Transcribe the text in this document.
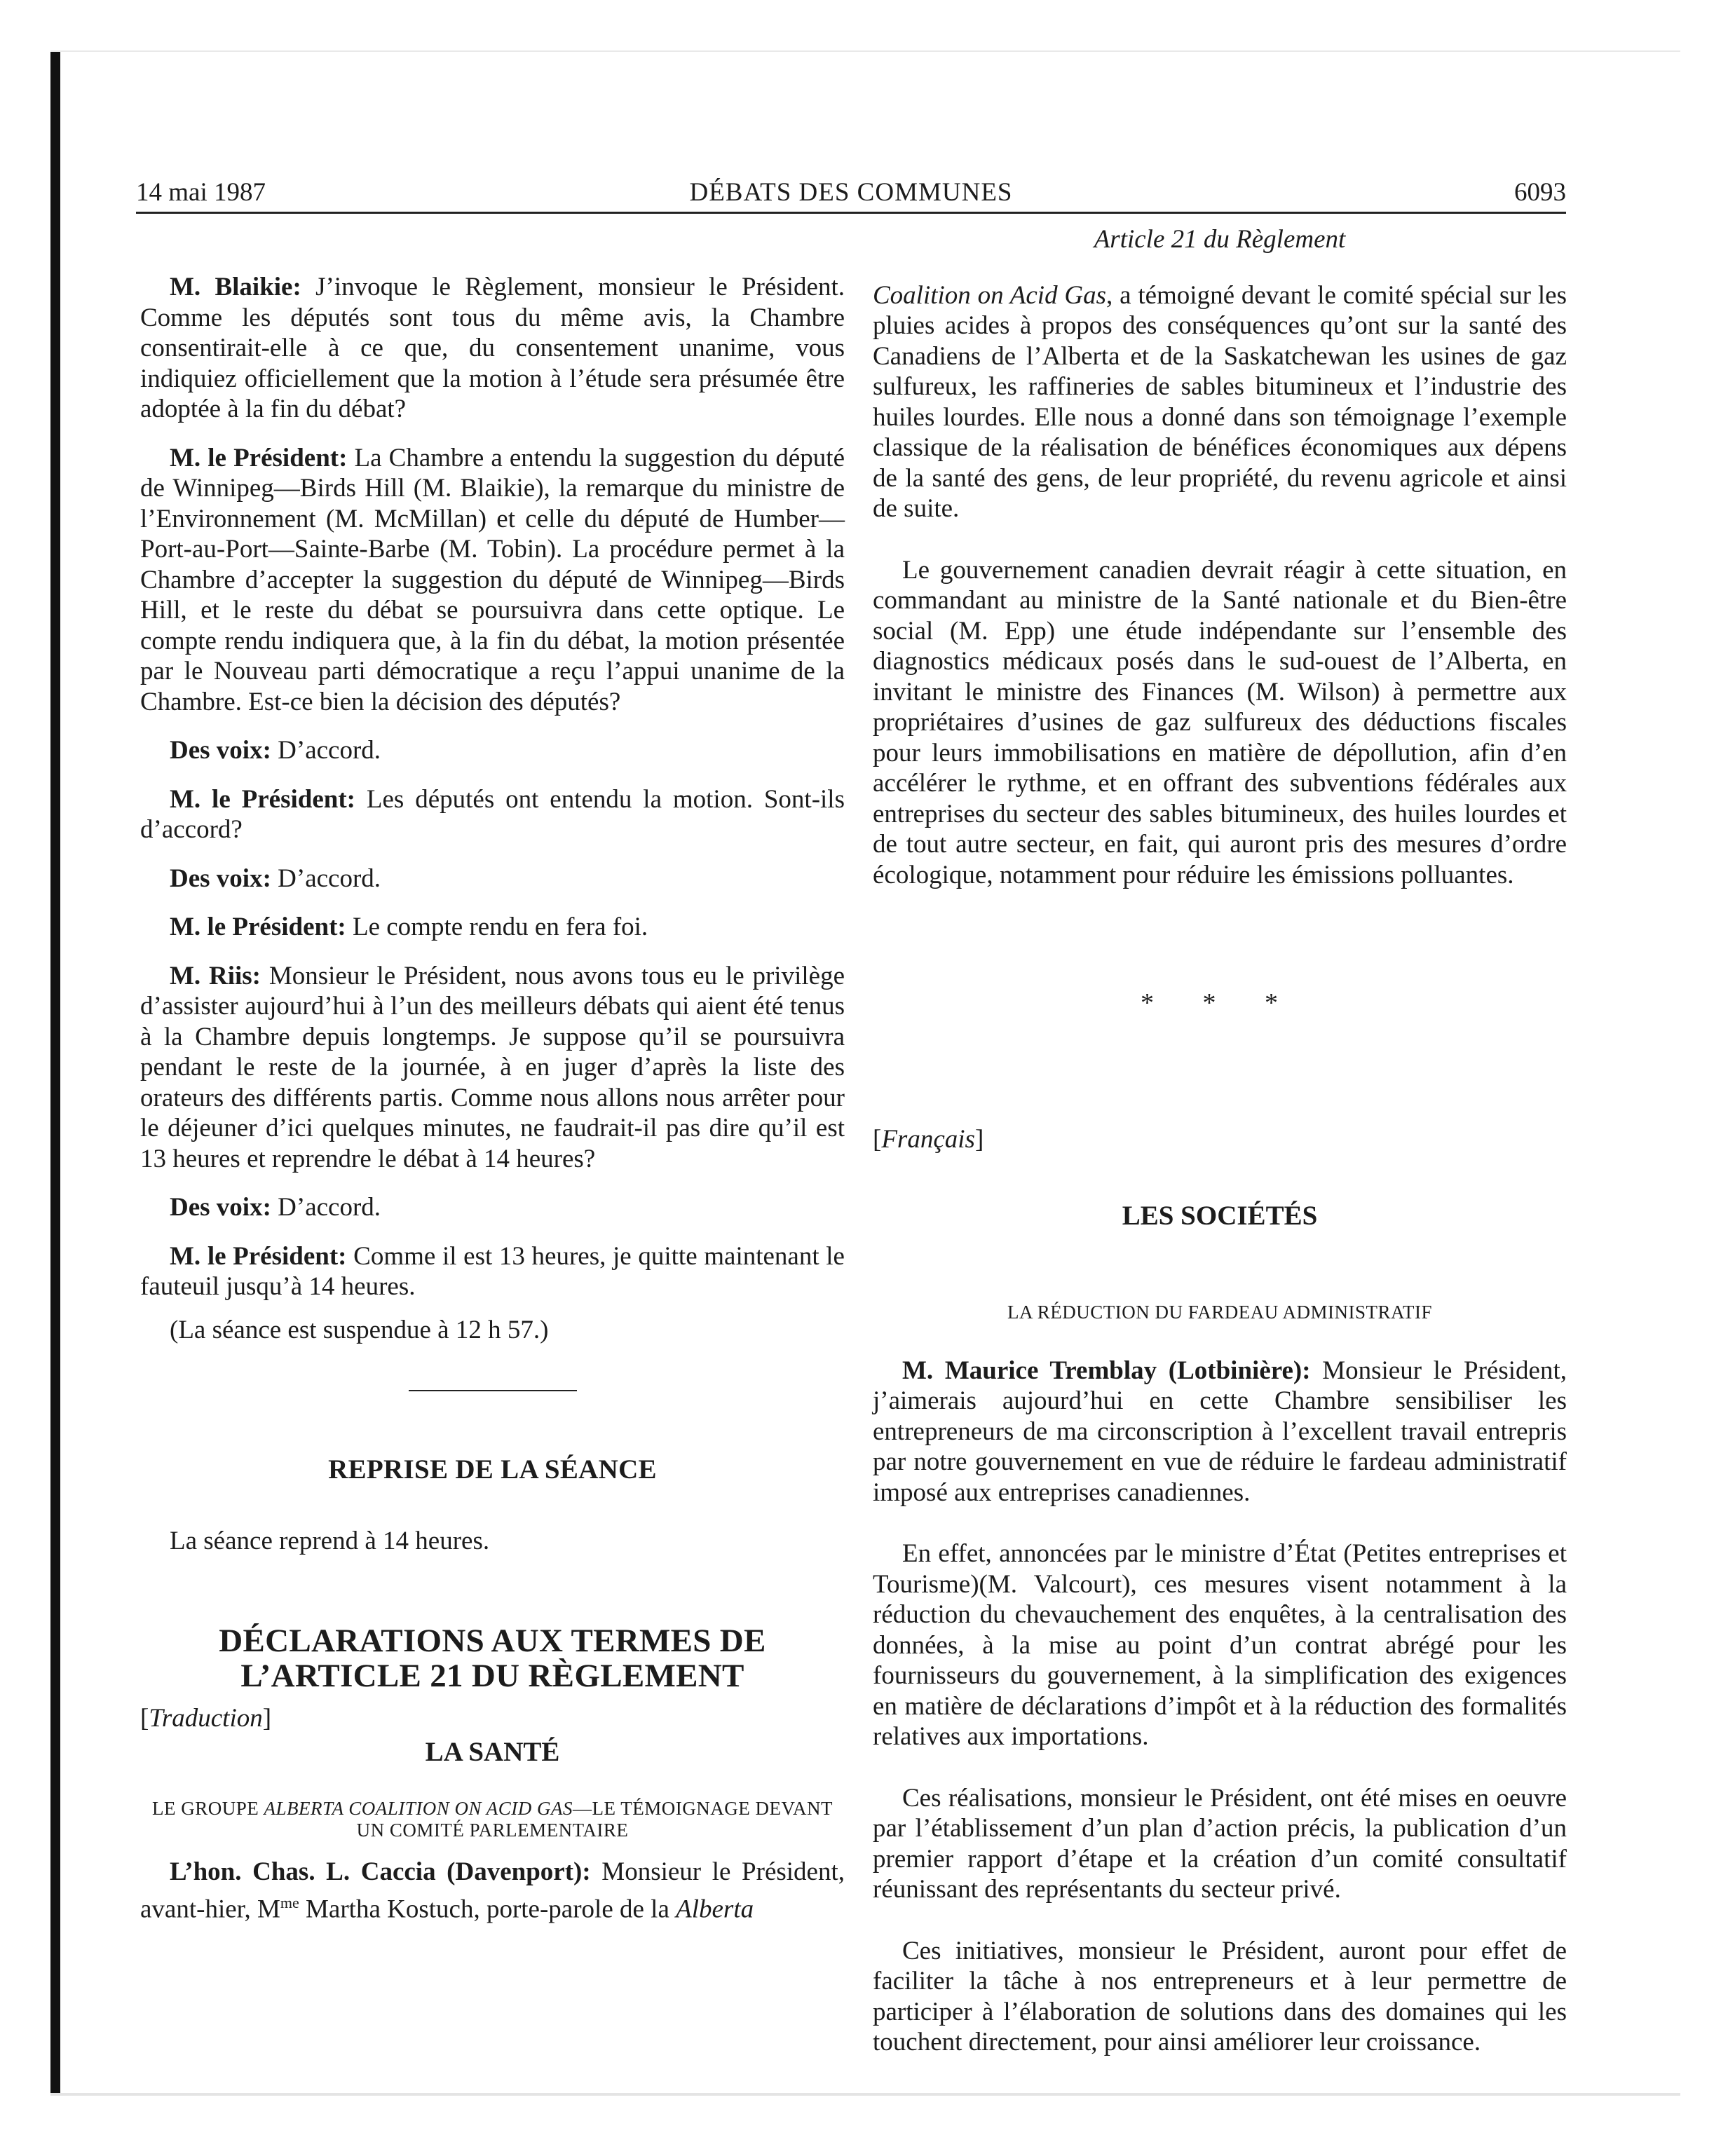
14 mai 1987	DÉBATS DES COMMUNES	6093

M. Blaikie: J’invoque le Règlement, monsieur le Président. Comme les députés sont tous du même avis, la Chambre consentirait-elle à ce que, du consentement unanime, vous indiquiez officiellement que la motion à l’étude sera présumée être adoptée à la fin du débat?

M. le Président: La Chambre a entendu la suggestion du député de Winnipeg—Birds Hill (M. Blaikie), la remarque du ministre de l’Environnement (M. McMillan) et celle du député de Humber—Port-au-Port—Sainte-Barbe (M. Tobin). La procédure permet à la Chambre d’accepter la suggestion du député de Winnipeg—Birds Hill, et le reste du débat se poursuivra dans cette optique. Le compte rendu indiquera que, à la fin du débat, la motion présentée par le Nouveau parti démocratique a reçu l’appui unanime de la Chambre. Est-ce bien la décision des députés?

Des voix: D’accord.

M. le Président: Les députés ont entendu la motion. Sont-ils d’accord?

Des voix: D’accord.

M. le Président: Le compte rendu en fera foi.

M. Riis: Monsieur le Président, nous avons tous eu le privilège d’assister aujourd’hui à l’un des meilleurs débats qui aient été tenus à la Chambre depuis longtemps. Je suppose qu’il se poursuivra pendant le reste de la journée, à en juger d’après la liste des orateurs des différents partis. Comme nous allons nous arrêter pour le déjeuner d’ici quelques minutes, ne faudrait-il pas dire qu’il est 13 heures et reprendre le débat à 14 heures?

Des voix: D’accord.

M. le Président: Comme il est 13 heures, je quitte maintenant le fauteuil jusqu’à 14 heures.

(La séance est suspendue à 12 h 57.)

REPRISE DE LA SÉANCE

La séance reprend à 14 heures.

DÉCLARATIONS AUX TERMES DE
L’ARTICLE 21 DU RÈGLEMENT

[Traduction]

LA SANTÉ
LE GROUPE ALBERTA COALITION ON ACID GAS—LE TÉMOIGNAGE DEVANT UN COMITÉ PARLEMENTAIRE

L’hon. Chas. L. Caccia (Davenport): Monsieur le Président, avant-hier, $M^{me}$ Martha Kostuch, porte-parole de la Alberta

Article 21 du Règlement

Coalition on Acid Gas, a témoigné devant le comité spécial sur les pluies acides à propos des conséquences qu’ont sur la santé des Canadiens de l’Alberta et de la Saskatchewan les usines de gaz sulfureux, les raffineries de sables bitumineux et l’industrie des huiles lourdes. Elle nous a donné dans son témoignage l’exemple classique de la réalisation de bénéfices économiques aux dépens de la santé des gens, de leur propriété, du revenu agricole et ainsi de suite.

Le gouvernement canadien devrait réagir à cette situation, en commandant au ministre de la Santé nationale et du Bien-être social (M. Epp) une étude indépendante sur l’ensemble des diagnostics médicaux posés dans le sud-ouest de l’Alberta, en invitant le ministre des Finances (M. Wilson) à permettre aux propriétaires d’usines de gaz sulfureux des déductions fiscales pour leurs immobilisations en matière de dépollution, afin d’en accélérer le rythme, et en offrant des subventions fédérales aux entreprises du secteur des sables bitumineux, des huiles lourdes et de tout autre secteur, en fait, qui auront pris des mesures d’ordre écologique, notamment pour réduire les émissions polluantes.

* * *

[Français]

LES SOCIÉTÉS
LA RÉDUCTION DU FARDEAU ADMINISTRATIF

M. Maurice Tremblay (Lotbinière): Monsieur le Président, j’aimerais aujourd’hui en cette Chambre sensibiliser les entrepreneurs de ma circonscription à l’excellent travail entrepris par notre gouvernement en vue de réduire le fardeau administratif imposé aux entreprises canadiennes.

En effet, annoncées par le ministre d’État (Petites entreprises et Tourisme)(M. Valcourt), ces mesures visent notamment à la réduction du chevauchement des enquêtes, à la centralisation des données, à la mise au point d’un contrat abrégé pour les fournisseurs du gouvernement, à la simplification des exigences en matière de déclarations d’impôt et à la réduction des formalités relatives aux importations.

Ces réalisations, monsieur le Président, ont été mises en oeuvre par l’établissement d’un plan d’action précis, la publication d’un premier rapport d’étape et la création d’un comité consultatif réunissant des représentants du secteur privé.

Ces initiatives, monsieur le Président, auront pour effet de faciliter la tâche à nos entrepreneurs et à leur permettre de participer à l’élaboration de solutions dans des domaines qui les touchent directement, pour ainsi améliorer leur croissance.
